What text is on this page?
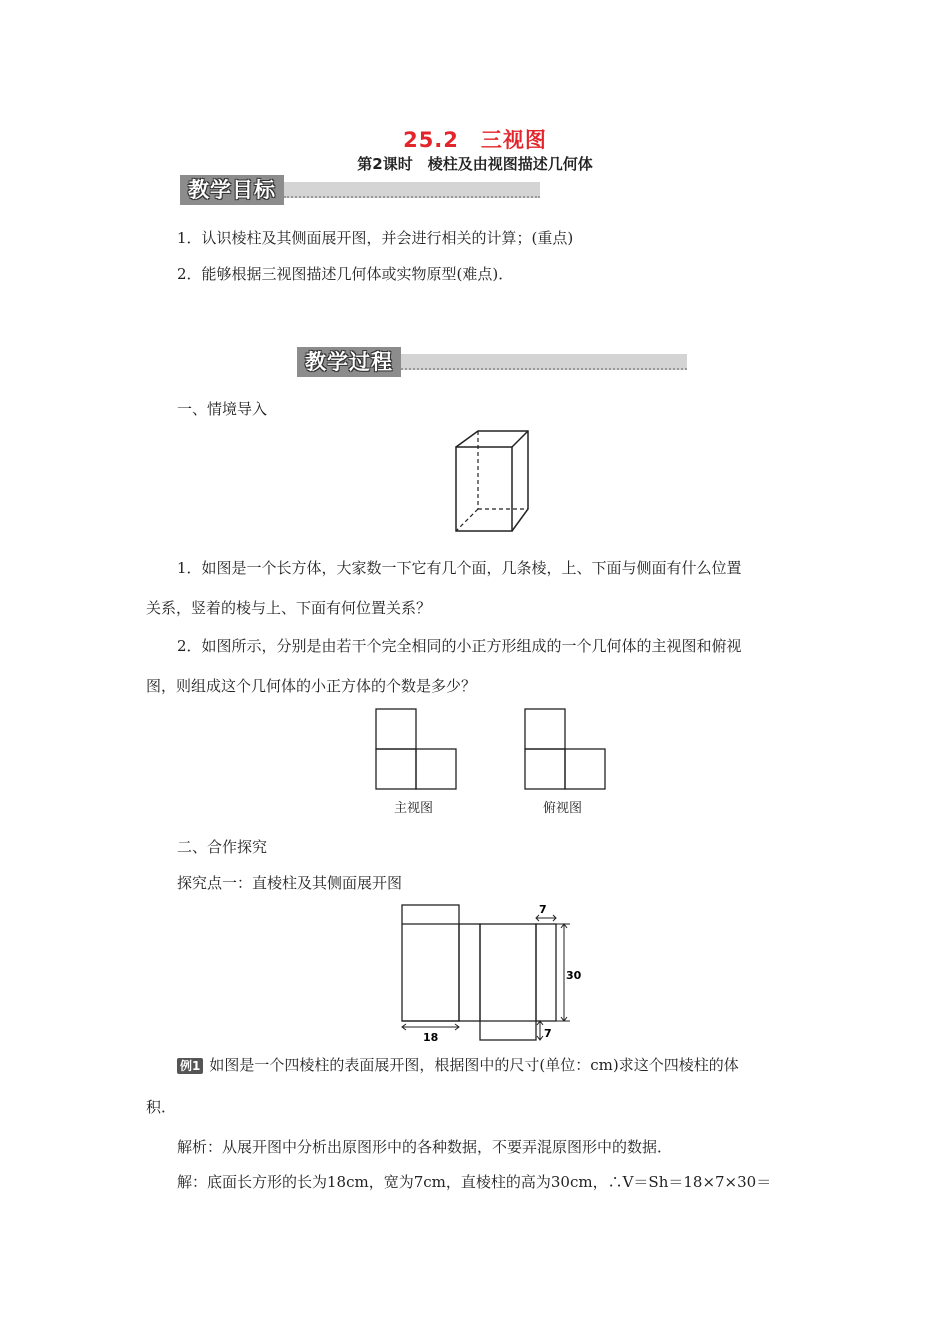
25.2　三视图
第2课时　棱柱及由视图描述几何体
教学目标
1．认识棱柱及其侧面展开图，并会进行相关的计算；(重点)
2．能够根据三视图描述几何体或实物原型(难点)．
教学过程
一、情境导入
1．如图是一个长方体，大家数一下它有几个面，几条棱，上、下面与侧面有什么位置
关系，竖着的棱与上、下面有何位置关系？
2．如图所示，分别是由若干个完全相同的小正方形组成的一个几何体的主视图和俯视
图，则组成这个几何体的小正方体的个数是多少？
主视图	俯视图
二、合作探究
探究点一：直棱柱及其侧面展开图
7
30
7
18
例1 如图是一个四棱柱的表面展开图，根据图中的尺寸(单位：cm)求这个四棱柱的体
积．
解析：从展开图中分析出原图形中的各种数据，不要弄混原图形中的数据．
解：底面长方形的长为18cm，宽为7cm，直棱柱的高为30cm，∴V＝Sh＝18×7×30＝
